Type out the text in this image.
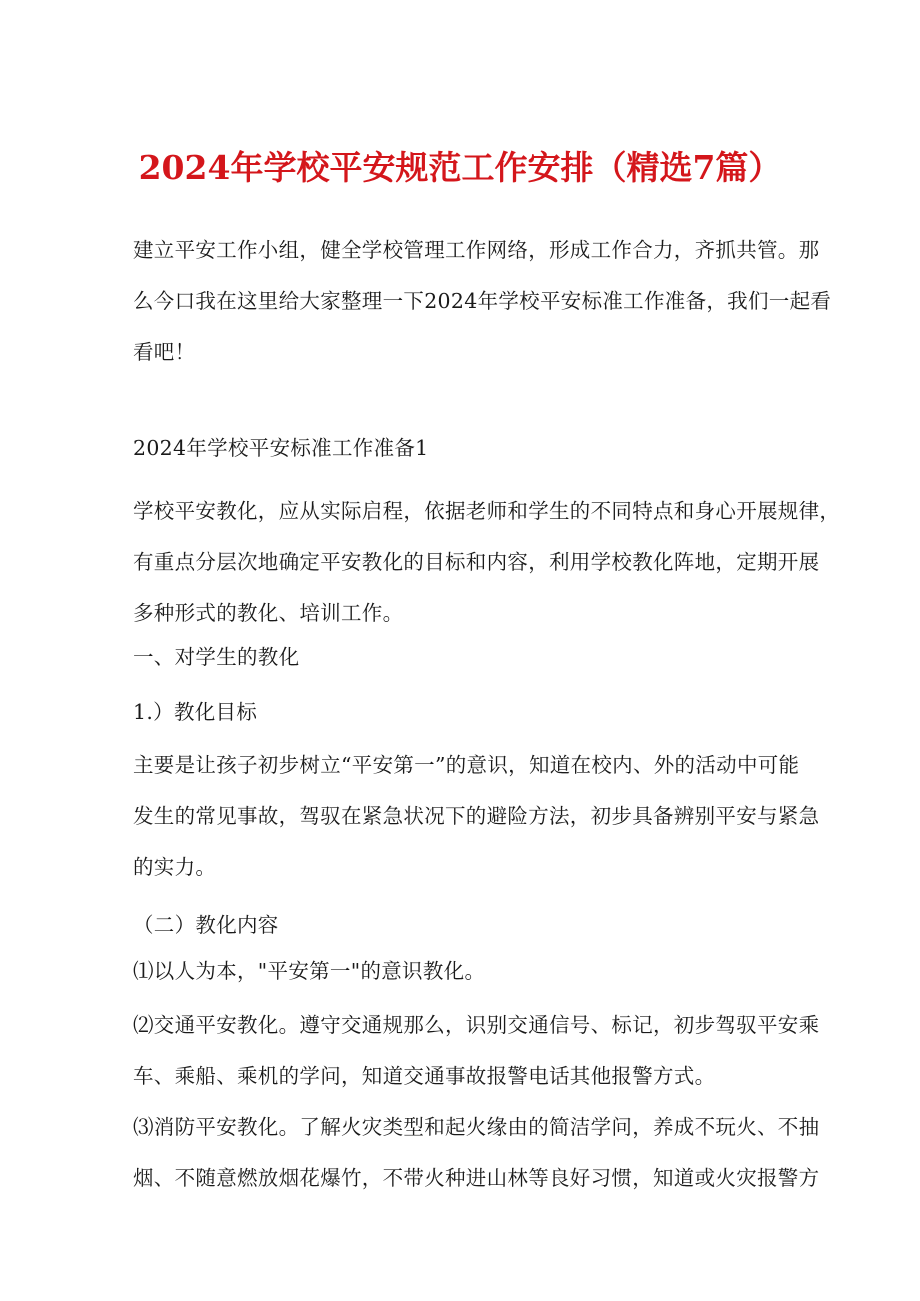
2024年学校平安规范工作安排（精选7篇）
建立平安工作小组，健全学校管理工作网络，形成工作合力，齐抓共管。那
么今口我在这里给大家整理一下2024年学校平安标准工作准备，我们一起看
看吧！
2024年学校平安标准工作准备1
学校平安教化，应从实际启程，依据老师和学生的不同特点和身心开展规律，
有重点分层次地确定平安教化的目标和内容，利用学校教化阵地，定期开展
多种形式的教化、培训工作。
一、对学生的教化
1.）教化目标
主要是让孩子初步树立“平安第一”的意识，知道在校内、外的活动中可能
发生的常见事故，驾驭在紧急状况下的避险方法，初步具备辨别平安与紧急
的实力。
（二）教化内容
⑴以人为本，"平安第一"的意识教化。
⑵交通平安教化。遵守交通规那么，识别交通信号、标记，初步驾驭平安乘
车、乘船、乘机的学问，知道交通事故报警电话其他报警方式。
⑶消防平安教化。了解火灾类型和起火缘由的简洁学问，养成不玩火、不抽
烟、不随意燃放烟花爆竹，不带火种进山林等良好习惯，知道或火灾报警方
